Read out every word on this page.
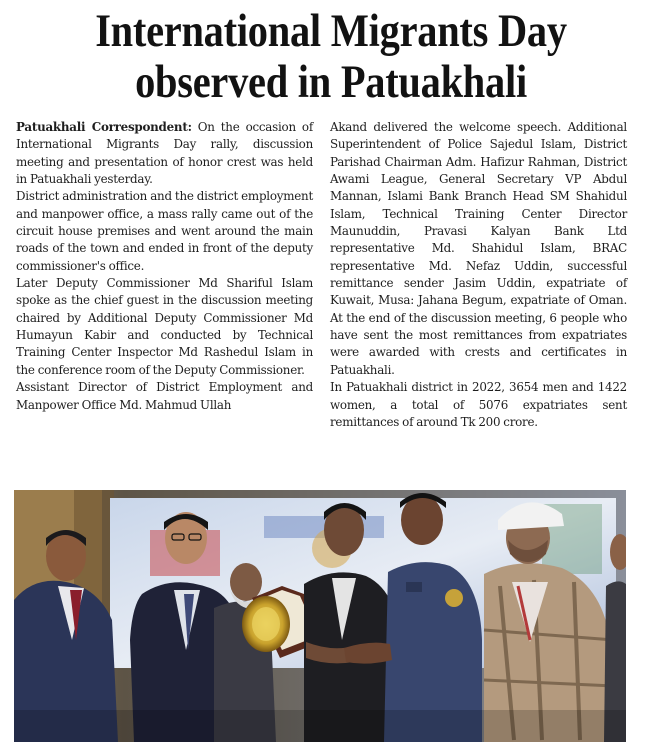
International Migrants Day
observed in Patuakhali

Patuakhali Correspondent: On the occasion of International Migrants Day rally, discussion meeting and presentation of honor crest was held in Patuakhali yesterday.

District administration and the district employment and manpower office, a mass rally came out of the circuit house premises and went around the main roads of the town and ended in front of the deputy commissioner's office.

Later Deputy Commissioner Md Shariful Islam spoke as the chief guest in the discussion meeting chaired by Additional Deputy Commissioner Md Humayun Kabir and conducted by Technical Training Center Inspector Md Rashedul Islam in the conference room of the Deputy Commissioner.

Assistant Director of District Employment and Manpower Office Md. Mahmud Ullah

Akand delivered the welcome speech. Additional Superintendent of Police Sajedul Islam, District Parishad Chairman Adm. Hafizur Rahman, District Awami League, General Secretary VP Abdul Mannan, Islami Bank Branch Head SM Shahidul Islam, Technical Training Center Director Maunuddin, Pravasi Kalyan Bank Ltd representative Md. Shahidul Islam, BRAC representative Md. Nefaz Uddin, successful remittance sender Jasim Uddin, expatriate of Kuwait, Musa: Jahana Begum, expatriate of Oman. At the end of the discussion meeting, 6 people who have sent the most remittances from expatriates were awarded with crests and certificates in Patuakhali.

In Patuakhali district in 2022, 3654 men and 1422 women, a total of 5076 expatriates sent remittances of around Tk 200 crore.
